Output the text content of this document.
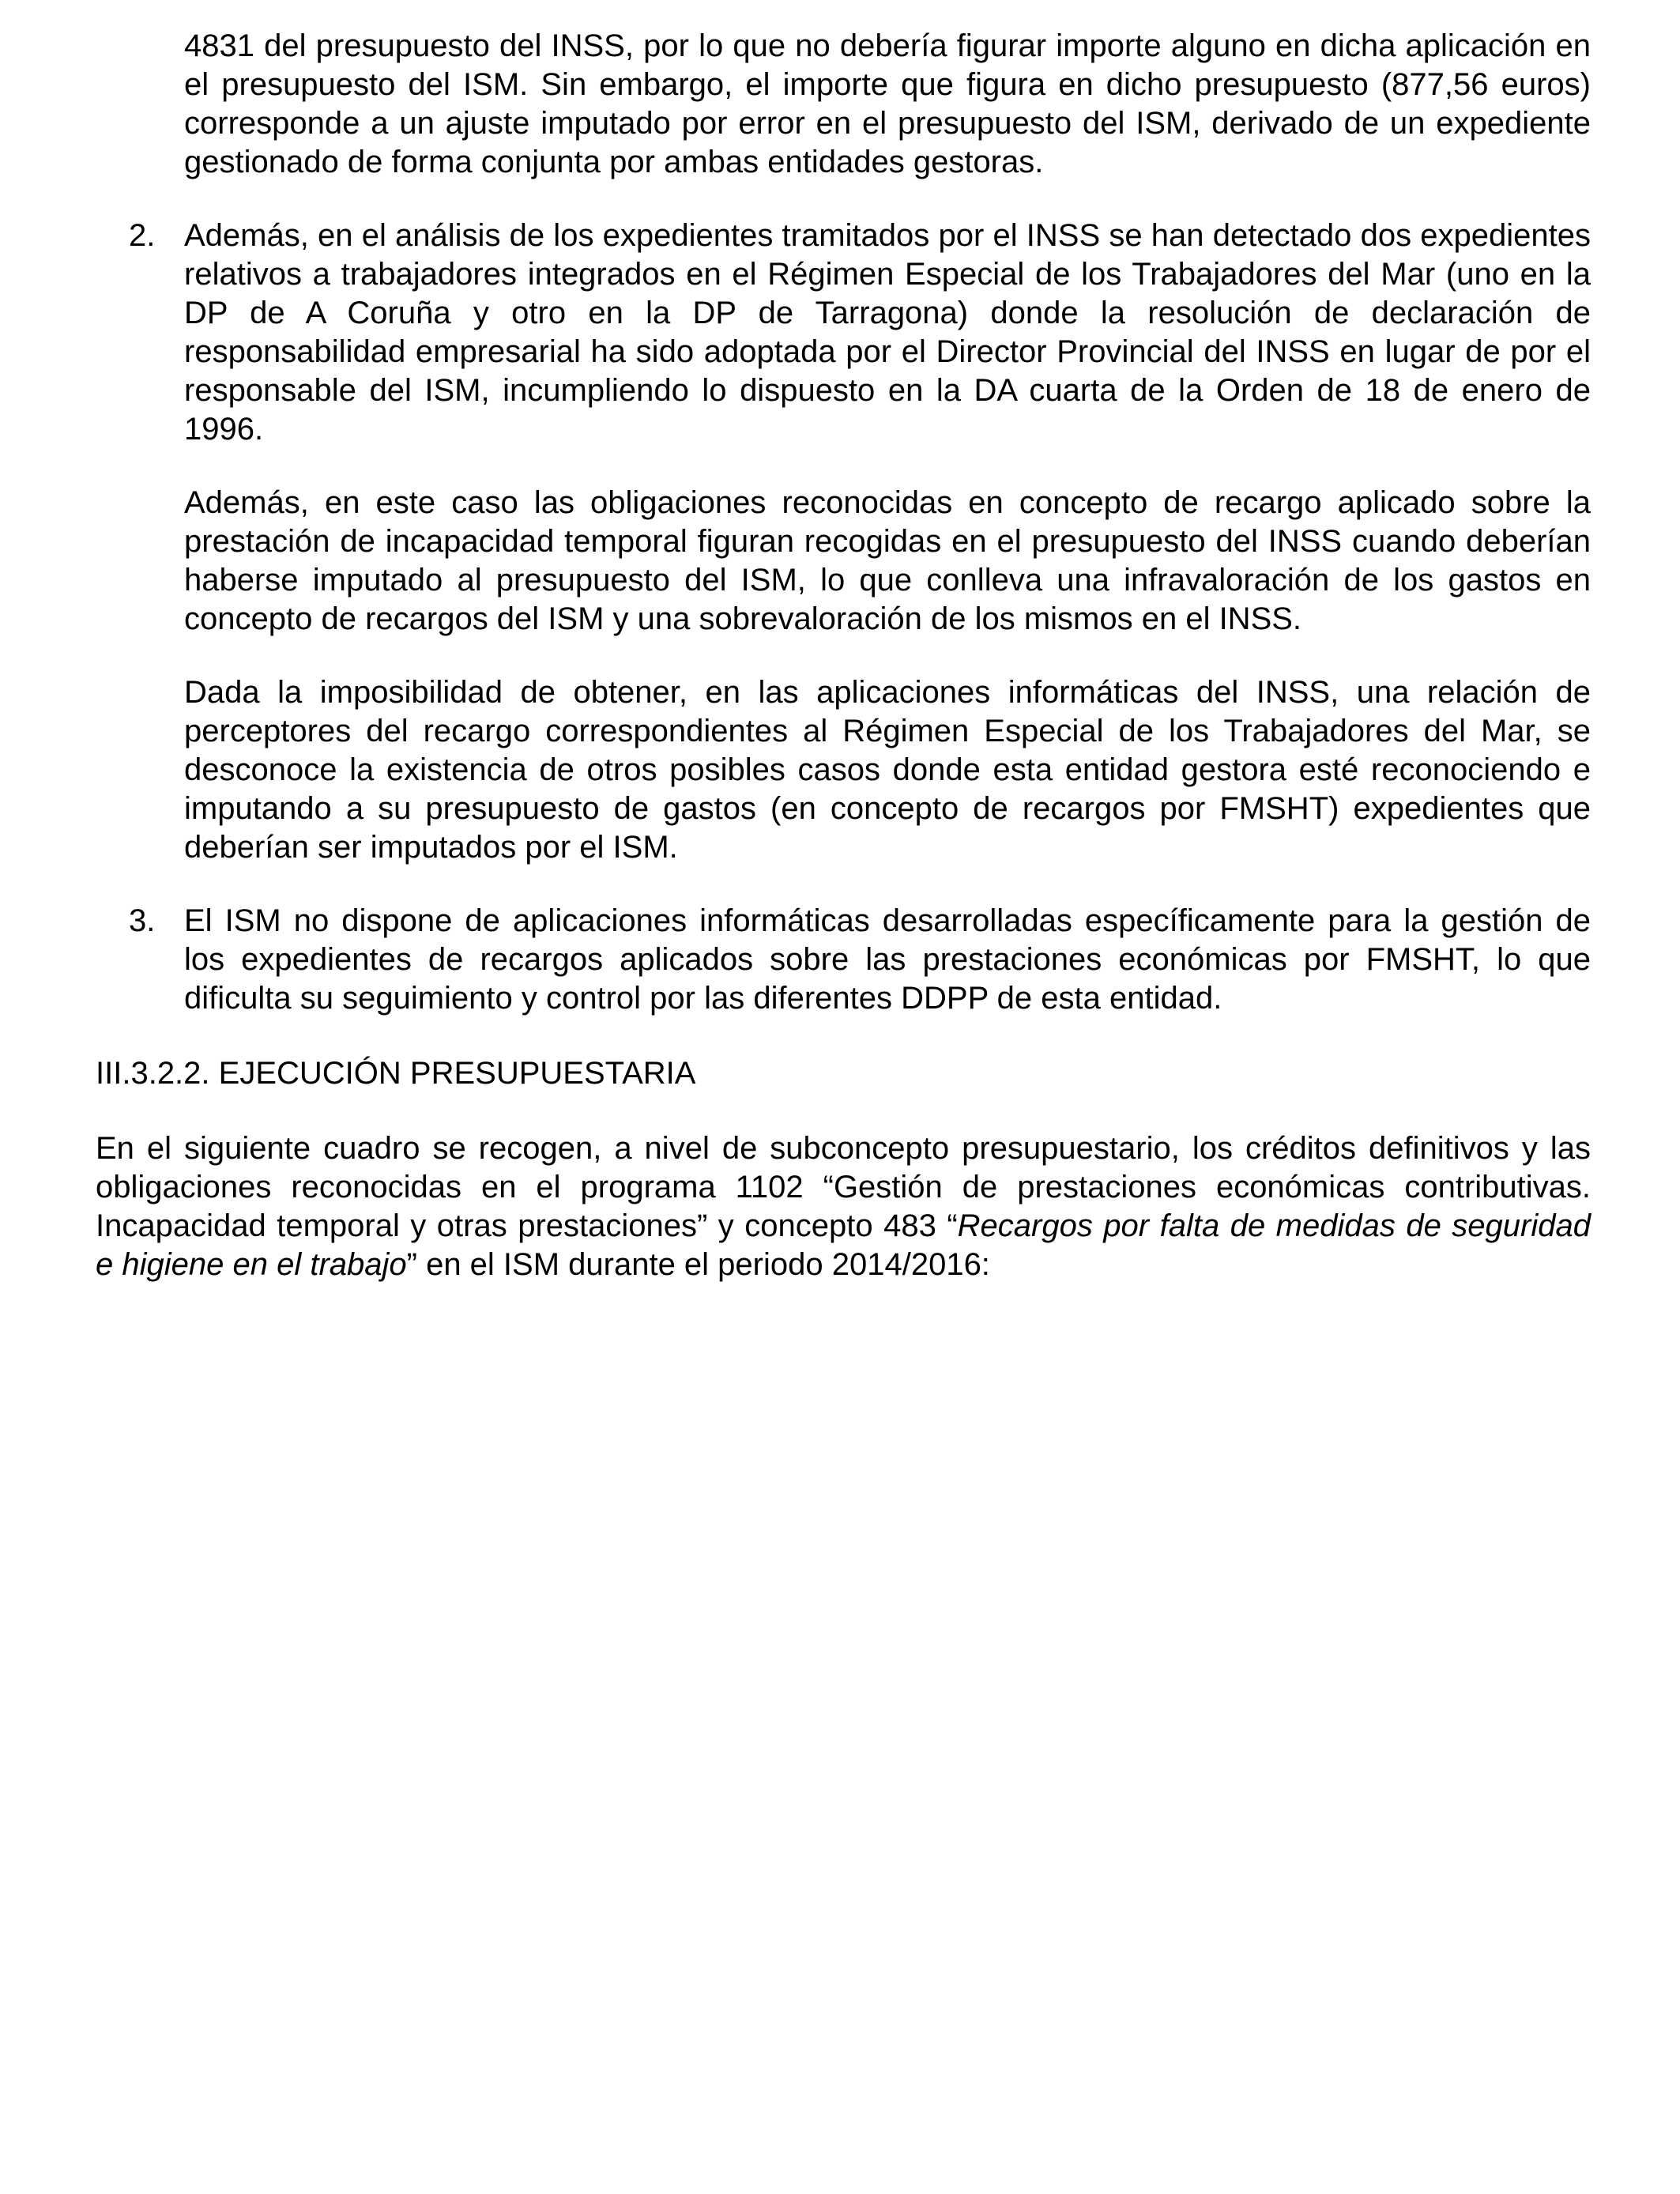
4831 del presupuesto del INSS, por lo que no debería figurar importe alguno en dicha aplicación en el presupuesto del ISM. Sin embargo, el importe que figura en dicho presupuesto (877,56 euros) corresponde a un ajuste imputado por error en el presupuesto del ISM, derivado de un expediente gestionado de forma conjunta por ambas entidades gestoras.

2. Además, en el análisis de los expedientes tramitados por el INSS se han detectado dos expedientes relativos a trabajadores integrados en el Régimen Especial de los Trabajadores del Mar (uno en la DP de A Coruña y otro en la DP de Tarragona) donde la resolución de declaración de responsabilidad empresarial ha sido adoptada por el Director Provincial del INSS en lugar de por el responsable del ISM, incumpliendo lo dispuesto en la DA cuarta de la Orden de 18 de enero de 1996.

Además, en este caso las obligaciones reconocidas en concepto de recargo aplicado sobre la prestación de incapacidad temporal figuran recogidas en el presupuesto del INSS cuando deberían haberse imputado al presupuesto del ISM, lo que conlleva una infravaloración de los gastos en concepto de recargos del ISM y una sobrevaloración de los mismos en el INSS.

Dada la imposibilidad de obtener, en las aplicaciones informáticas del INSS, una relación de perceptores del recargo correspondientes al Régimen Especial de los Trabajadores del Mar, se desconoce la existencia de otros posibles casos donde esta entidad gestora esté reconociendo e imputando a su presupuesto de gastos (en concepto de recargos por FMSHT) expedientes que deberían ser imputados por el ISM.

3. El ISM no dispone de aplicaciones informáticas desarrolladas específicamente para la gestión de los expedientes de recargos aplicados sobre las prestaciones económicas por FMSHT, lo que dificulta su seguimiento y control por las diferentes DDPP de esta entidad.

III.3.2.2. EJECUCIÓN PRESUPUESTARIA

En el siguiente cuadro se recogen, a nivel de subconcepto presupuestario, los créditos definitivos y las obligaciones reconocidas en el programa 1102 “Gestión de prestaciones económicas contributivas. Incapacidad temporal y otras prestaciones” y concepto 483 “Recargos por falta de medidas de seguridad e higiene en el trabajo” en el ISM durante el periodo 2014/2016:
